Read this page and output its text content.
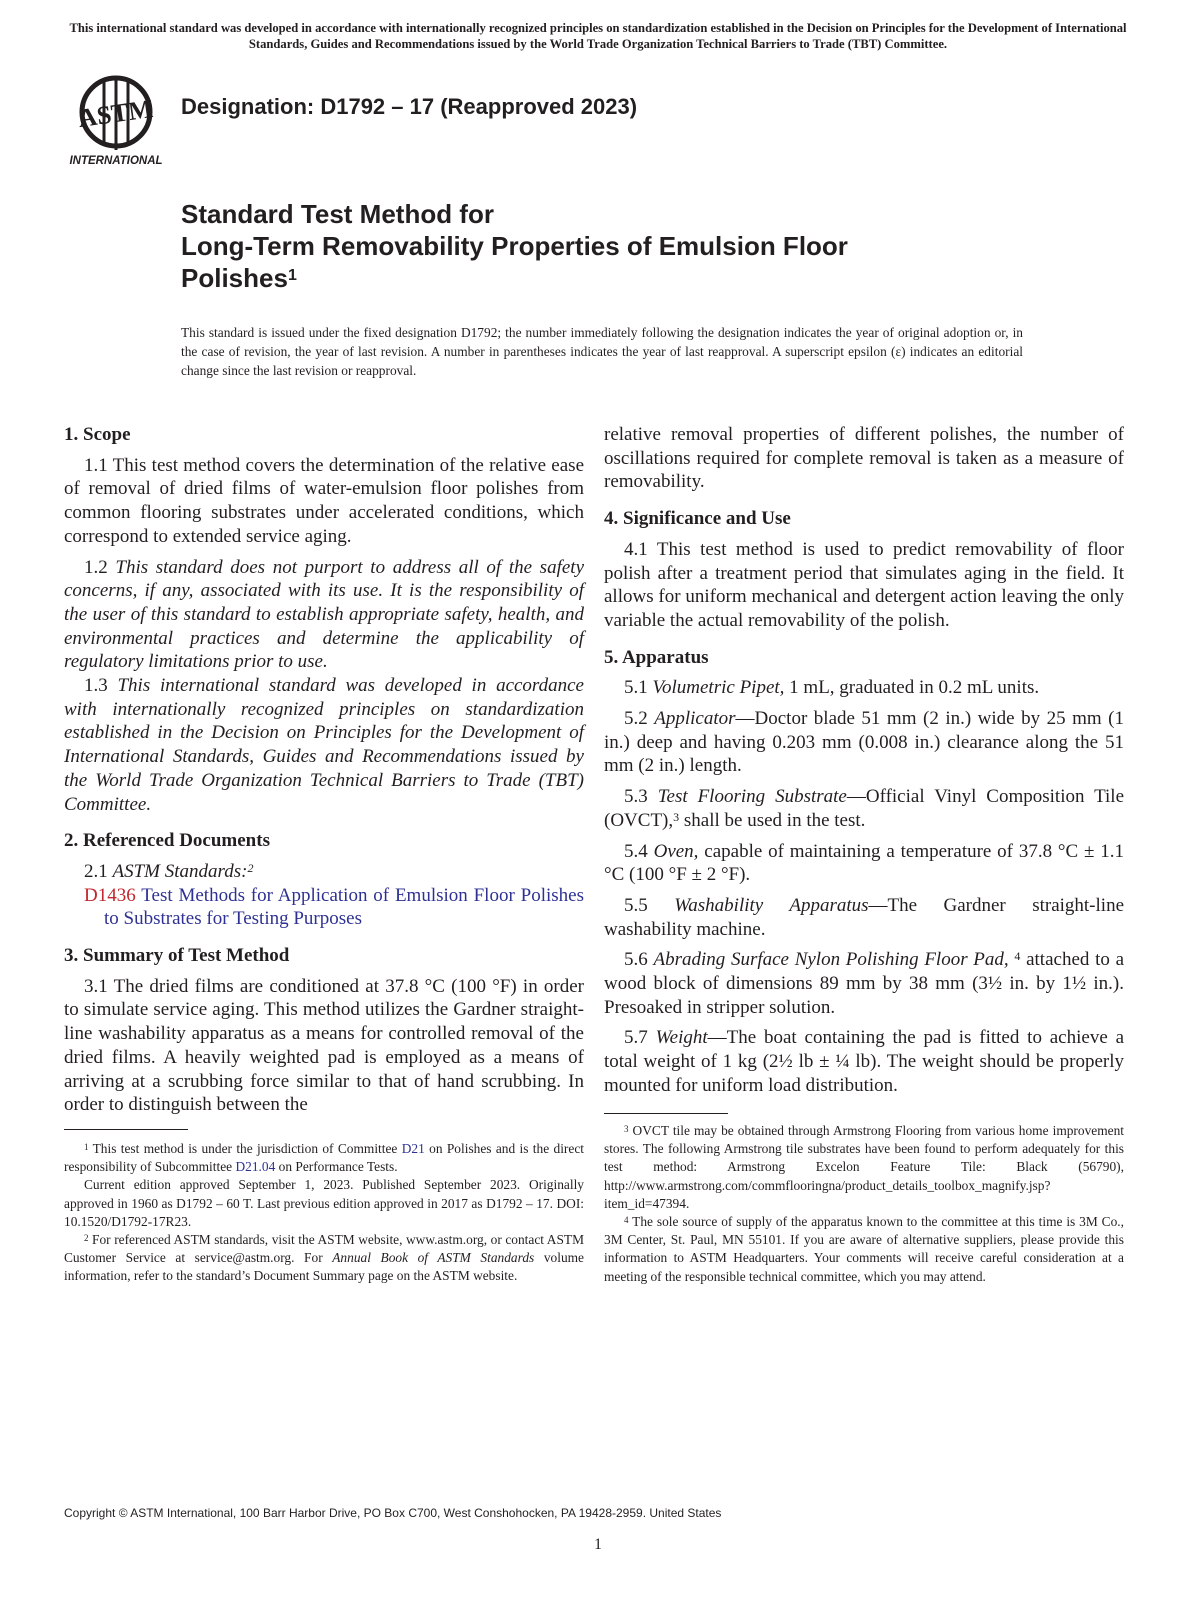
This international standard was developed in accordance with internationally recognized principles on standardization established in the Decision on Principles for the Development of International Standards, Guides and Recommendations issued by the World Trade Organization Technical Barriers to Trade (TBT) Committee.
ASTM
INTERNATIONAL
Designation: D1792 – 17 (Reapproved 2023)
Standard Test Method for
Long-Term Removability Properties of Emulsion Floor
Polishes$^1$
This standard is issued under the fixed designation D1792; the number immediately following the designation indicates the year of original adoption or, in the case of revision, the year of last revision. A number in parentheses indicates the year of last reapproval. A superscript epsilon (ε) indicates an editorial change since the last revision or reapproval.

1. Scope

1.1 This test method covers the determination of the relative ease of removal of dried films of water-emulsion floor polishes from common flooring substrates under accelerated conditions, which correspond to extended service aging.

1.2 This standard does not purport to address all of the safety concerns, if any, associated with its use. It is the responsibility of the user of this standard to establish appropriate safety, health, and environmental practices and determine the applicability of regulatory limitations prior to use.

1.3 This international standard was developed in accordance with internationally recognized principles on standardization established in the Decision on Principles for the Development of International Standards, Guides and Recommendations issued by the World Trade Organization Technical Barriers to Trade (TBT) Committee.

2. Referenced Documents

2.1 ASTM Standards:$^2$

D1436 Test Methods for Application of Emulsion Floor Polishes to Substrates for Testing Purposes

3. Summary of Test Method

3.1 The dried films are conditioned at 37.8 °C (100 °F) in order to simulate service aging. This method utilizes the Gardner straight-line washability apparatus as a means for controlled removal of the dried films. A heavily weighted pad is employed as a means of arriving at a scrubbing force similar to that of hand scrubbing. In order to distinguish between the

relative removal properties of different polishes, the number of oscillations required for complete removal is taken as a measure of removability.

4. Significance and Use

4.1 This test method is used to predict removability of floor polish after a treatment period that simulates aging in the field. It allows for uniform mechanical and detergent action leaving the only variable the actual removability of the polish.

5. Apparatus

5.1 Volumetric Pipet, 1 mL, graduated in 0.2 mL units.

5.2 Applicator—Doctor blade 51 mm (2 in.) wide by 25 mm (1 in.) deep and having 0.203 mm (0.008 in.) clearance along the 51 mm (2 in.) length.

5.3 Test Flooring Substrate—Official Vinyl Composition Tile (OVCT),$^3$ shall be used in the test.

5.4 Oven, capable of maintaining a temperature of 37.8 °C ± 1.1 °C (100 °F ± 2 °F).

5.5 Washability Apparatus—The Gardner straight-line washability machine.

5.6 Abrading Surface Nylon Polishing Floor Pad, $^4$ attached to a wood block of dimensions 89 mm by 38 mm (3½ in. by 1½ in.). Presoaked in stripper solution.

5.7 Weight—The boat containing the pad is fitted to achieve a total weight of 1 kg (2½ lb ± ¼ lb). The weight should be properly mounted for uniform load distribution.

$^1$ This test method is under the jurisdiction of Committee D21 on Polishes and is the direct responsibility of Subcommittee D21.04 on Performance Tests.

Current edition approved September 1, 2023. Published September 2023. Originally approved in 1960 as D1792 – 60 T. Last previous edition approved in 2017 as D1792 – 17. DOI: 10.1520/D1792-17R23.

$^2$ For referenced ASTM standards, visit the ASTM website, www.astm.org, or contact ASTM Customer Service at service@astm.org. For Annual Book of ASTM Standards volume information, refer to the standard’s Document Summary page on the ASTM website.

$^3$ OVCT tile may be obtained through Armstrong Flooring from various home improvement stores. The following Armstrong tile substrates have been found to perform adequately for this test method: Armstrong Excelon Feature Tile: Black (56790), http://www.armstrong.com/commflooringna/product_details_toolbox_magnify.jsp?item_id=47394.

$^4$ The sole source of supply of the apparatus known to the committee at this time is 3M Co., 3M Center, St. Paul, MN 55101. If you are aware of alternative suppliers, please provide this information to ASTM Headquarters. Your comments will receive careful consideration at a meeting of the responsible technical committee, which you may attend.

Copyright © ASTM International, 100 Barr Harbor Drive, PO Box C700, West Conshohocken, PA 19428-2959. United States
1
